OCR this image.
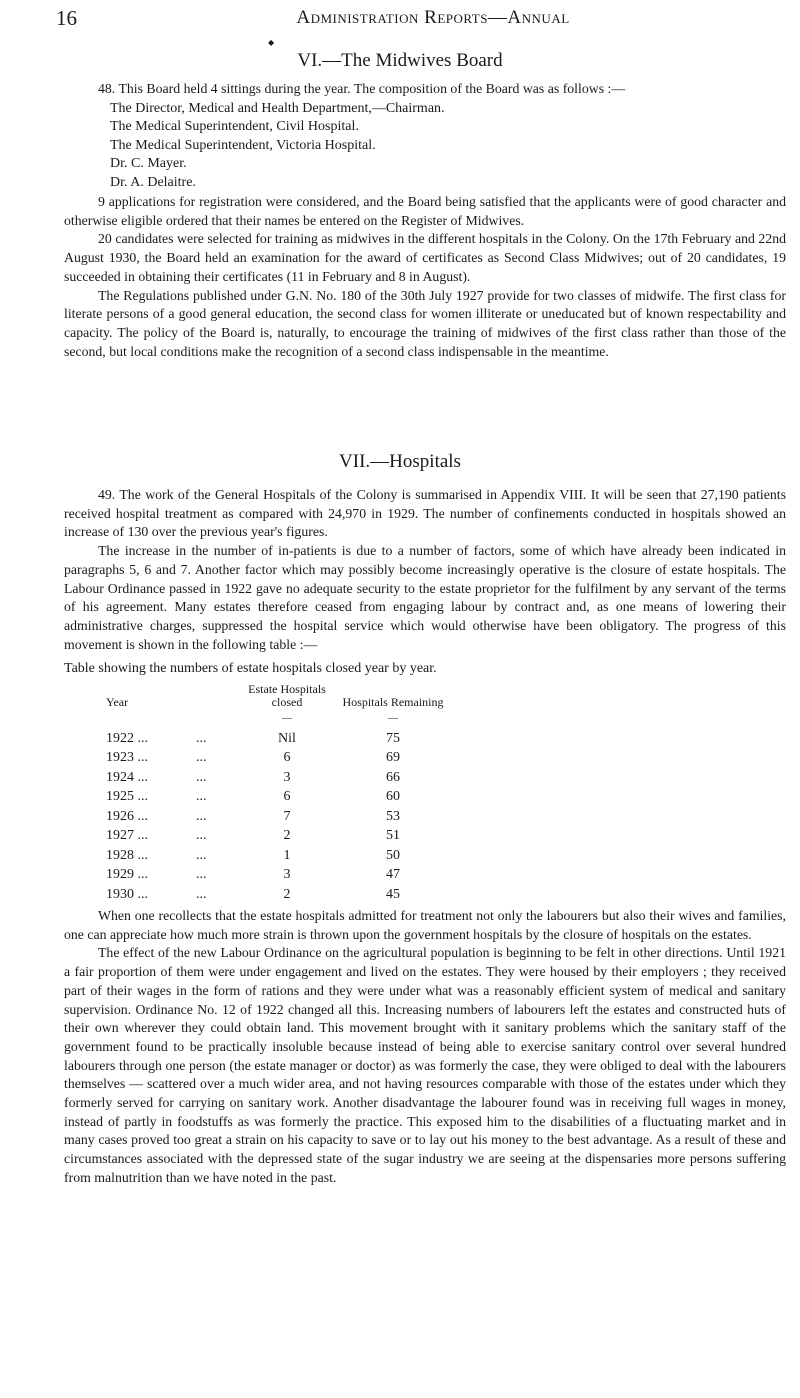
16	Administration Reports—Annual
◆
VI.—The Midwives Board

48. This Board held 4 sittings during the year. The composition of the Board was as follows :—

The Director, Medical and Health Department,—Chairman.
The Medical Superintendent, Civil Hospital.
The Medical Superintendent, Victoria Hospital.
Dr. C. Mayer.
Dr. A. Delaitre.

9 applications for registration were considered, and the Board being satisfied that the applicants were of good character and otherwise eligible ordered that their names be entered on the Register of Midwives.

20 candidates were selected for training as midwives in the different hospitals in the Colony. On the 17th February and 22nd August 1930, the Board held an examination for the award of certificates as Second Class Midwives; out of 20 candidates, 19 succeeded in obtaining their certificates (11 in February and 8 in August).

The Regulations published under G.N. No. 180 of the 30th July 1927 provide for two classes of midwife. The first class for literate persons of a good general education, the second class for women illiterate or uneducated but of known respectability and capacity. The policy of the Board is, naturally, to encourage the training of midwives of the first class rather than those of the second, but local conditions make the recognition of a second class indispensable in the meantime.

VII.—Hospitals

49. The work of the General Hospitals of the Colony is summarised in Appendix VIII. It will be seen that 27,190 patients received hospital treatment as compared with 24,970 in 1929. The number of confinements conducted in hospitals showed an increase of 130 over the previous year's figures.

The increase in the number of in-patients is due to a number of factors, some of which have already been indicated in paragraphs 5, 6 and 7. Another factor which may possibly become increasingly operative is the closure of estate hospitals. The Labour Ordinance passed in 1922 gave no adequate security to the estate proprietor for the fulfilment by any servant of the terms of his agreement. Many estates therefore ceased from engaging labour by contract and, as one means of lowering their administrative charges, suppressed the hospital service which would otherwise have been obligatory. The progress of this movement is shown in the following table :—

Table showing the numbers of estate hospitals closed year by year.
Year		Estate Hospitals closed	Hospitals Remaining
		—	—
1922 ...	...	Nil	75
1923 ...	...	6	69
1924 ...	...	3	66
1925 ...	...	6	60
1926 ...	...	7	53
1927 ...	...	2	51
1928 ...	...	1	50
1929 ...	...	3	47
1930 ...	...	2	45

When one recollects that the estate hospitals admitted for treatment not only the labourers but also their wives and families, one can appreciate how much more strain is thrown upon the government hospitals by the closure of hospitals on the estates.

The effect of the new Labour Ordinance on the agricultural population is beginning to be felt in other directions. Until 1921 a fair proportion of them were under engagement and lived on the estates. They were housed by their employers ; they received part of their wages in the form of rations and they were under what was a reasonably efficient system of medical and sanitary supervision. Ordinance No. 12 of 1922 changed all this. Increasing numbers of labourers left the estates and constructed huts of their own wherever they could obtain land. This movement brought with it sanitary problems which the sanitary staff of the government found to be practically insoluble because instead of being able to exercise sanitary control over several hundred labourers through one person (the estate manager or doctor) as was formerly the case, they were obliged to deal with the labourers themselves — scattered over a much wider area, and not having resources comparable with those of the estates under which they formerly served for carrying on sanitary work. Another disadvantage the labourer found was in receiving full wages in money, instead of partly in foodstuffs as was formerly the practice. This exposed him to the disabilities of a fluctuating market and in many cases proved too great a strain on his capacity to save or to lay out his money to the best advantage. As a result of these and circumstances associated with the depressed state of the sugar industry we are seeing at the dispensaries more persons suffering from malnutrition than we have noted in the past.
